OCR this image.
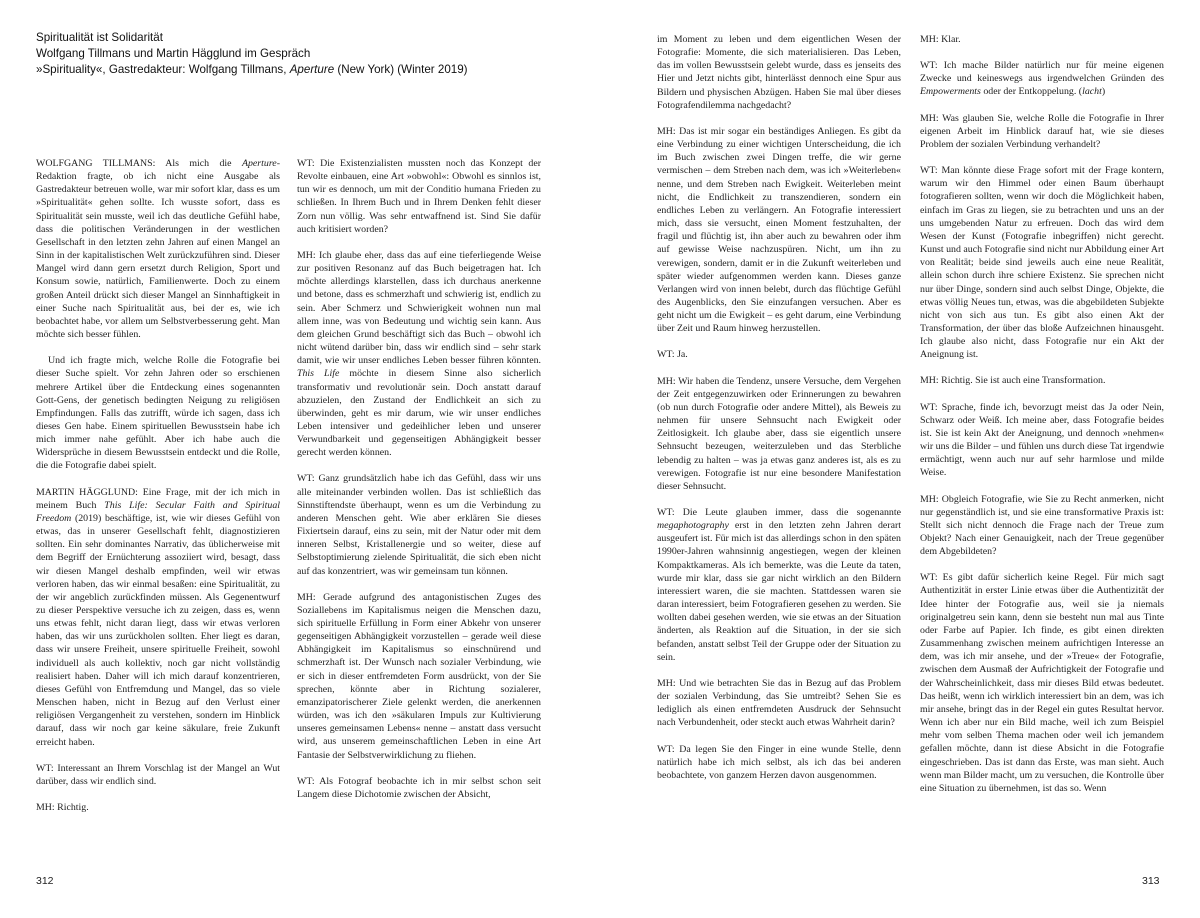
Spiritualität ist Solidarität
Wolfgang Tillmans und Martin Hägglund im Gespräch
»Spirituality«, Gastredakteur: Wolfgang Tillmans, Aperture (New York) (Winter 2019)

WOLFGANG TILLMANS: Als mich die Aperture-Redaktion fragte, ob ich nicht eine Ausgabe als Gastredakteur betreuen wolle, war mir sofort klar, dass es um »Spiritualität« gehen sollte. Ich wusste sofort, dass es Spiritualität sein musste, weil ich das deutliche Gefühl habe, dass die politischen Veränderungen in der westlichen Gesellschaft in den letzten zehn Jahren auf einen Mangel an Sinn in der kapitalistischen Welt zurückzuführen sind. Dieser Mangel wird dann gern ersetzt durch Religion, Sport und Konsum sowie, natürlich, Familienwerte. Doch zu einem großen Anteil drückt sich dieser Mangel an Sinnhaftigkeit in einer Suche nach Spiritualität aus, bei der es, wie ich beobachtet habe, vor allem um Selbstverbesserung geht. Man möchte sich besser fühlen.

Und ich fragte mich, welche Rolle die Fotografie bei dieser Suche spielt. Vor zehn Jahren oder so erschienen mehrere Artikel über die Entdeckung eines sogenannten Gott-Gens, der genetisch bedingten Neigung zu religiösen Empfindungen. Falls das zutrifft, würde ich sagen, dass ich dieses Gen habe. Einem spirituellen Bewusstsein habe ich mich immer nahe gefühlt. Aber ich habe auch die Widersprüche in diesem Bewusstsein entdeckt und die Rolle, die die Fotografie dabei spielt.

MARTIN HÄGGLUND: Eine Frage, mit der ich mich in meinem Buch This Life: Secular Faith and Spiritual Freedom (2019) beschäftige, ist, wie wir dieses Gefühl von etwas, das in unserer Gesellschaft fehlt, diagnostizieren sollten. Ein sehr dominantes Narrativ, das üblicherweise mit dem Begriff der Ernüchterung assoziiert wird, besagt, dass wir diesen Mangel deshalb empfinden, weil wir etwas verloren haben, das wir einmal besaßen: eine Spiritualität, zu der wir angeblich zurückfinden müssen. Als Gegenentwurf zu dieser Perspektive versuche ich zu zeigen, dass es, wenn uns etwas fehlt, nicht daran liegt, dass wir etwas verloren haben, das wir uns zurückholen sollten. Eher liegt es daran, dass wir unsere Freiheit, unsere spirituelle Freiheit, sowohl individuell als auch kollektiv, noch gar nicht vollständig realisiert haben. Daher will ich mich darauf konzentrieren, dieses Gefühl von Entfremdung und Mangel, das so viele Menschen haben, nicht in Bezug auf den Verlust einer religiösen Vergangenheit zu verstehen, sondern im Hinblick darauf, dass wir noch gar keine säkulare, freie Zukunft erreicht haben.

WT: Interessant an Ihrem Vorschlag ist der Mangel an Wut darüber, dass wir endlich sind.

MH: Richtig.

WT: Die Existenzialisten mussten noch das Konzept der Revolte einbauen, eine Art »obwohl«: Obwohl es sinnlos ist, tun wir es dennoch, um mit der Conditio humana Frieden zu schließen. In Ihrem Buch und in Ihrem Denken fehlt dieser Zorn nun völlig. Was sehr entwaffnend ist. Sind Sie dafür auch kritisiert worden?

MH: Ich glaube eher, dass das auf eine tieferliegende Weise zur positiven Resonanz auf das Buch beigetragen hat. Ich möchte allerdings klarstellen, dass ich durchaus anerkenne und betone, dass es schmerzhaft und schwierig ist, endlich zu sein. Aber Schmerz und Schwierigkeit wohnen nun mal allem inne, was von Bedeutung und wichtig sein kann. Aus dem gleichen Grund beschäftigt sich das Buch – obwohl ich nicht wütend darüber bin, dass wir endlich sind – sehr stark damit, wie wir unser endliches Leben besser führen könnten. This Life möchte in diesem Sinne also sicherlich transformativ und revolutionär sein. Doch anstatt darauf abzuzielen, den Zustand der Endlichkeit an sich zu überwinden, geht es mir darum, wie wir unser endliches Leben intensiver und gedeihlicher leben und unserer Verwundbarkeit und gegenseitigen Abhängigkeit besser gerecht werden können.

WT: Ganz grundsätzlich habe ich das Gefühl, dass wir uns alle miteinander verbinden wollen. Das ist schließlich das Sinnstiftendste überhaupt, wenn es um die Verbindung zu anderen Menschen geht. Wie aber erklären Sie dieses Fixiertsein darauf, eins zu sein, mit der Natur oder mit dem inneren Selbst, Kristallenergie und so weiter, diese auf Selbstoptimierung zielende Spiritualität, die sich eben nicht auf das konzentriert, was wir gemeinsam tun können.

MH: Gerade aufgrund des antagonistischen Zuges des Soziallebens im Kapitalismus neigen die Menschen dazu, sich spirituelle Erfüllung in Form einer Abkehr von unserer gegenseitigen Abhängigkeit vorzustellen – gerade weil diese Abhängigkeit im Kapitalismus so einschnürend und schmerzhaft ist. Der Wunsch nach sozialer Verbindung, wie er sich in dieser entfremdeten Form ausdrückt, von der Sie sprechen, könnte aber in Richtung sozialerer, emanzipatorischerer Ziele gelenkt werden, die anerkennen würden, was ich den »säkularen Impuls zur Kultivierung unseres gemeinsamen Lebens« nenne – anstatt dass versucht wird, aus unserem gemeinschaftlichen Leben in eine Art Fantasie der Selbstverwirklichung zu fliehen.

WT: Als Fotograf beobachte ich in mir selbst schon seit Langem diese Dichotomie zwischen der Absicht,

im Moment zu leben und dem eigentlichen Wesen der Fotografie: Momente, die sich materialisieren. Das Leben, das im vollen Bewusstsein gelebt wurde, dass es jenseits des Hier und Jetzt nichts gibt, hinterlässt dennoch eine Spur aus Bildern und physischen Abzügen. Haben Sie mal über dieses Fotografendilemma nachgedacht?

MH: Das ist mir sogar ein beständiges Anliegen. Es gibt da eine Verbindung zu einer wichtigen Unterscheidung, die ich im Buch zwischen zwei Dingen treffe, die wir gerne vermischen – dem Streben nach dem, was ich »Weiterleben« nenne, und dem Streben nach Ewigkeit. Weiterleben meint nicht, die Endlichkeit zu transzendieren, sondern ein endliches Leben zu verlängern. An Fotografie interessiert mich, dass sie versucht, einen Moment festzuhalten, der fragil und flüchtig ist, ihn aber auch zu bewahren oder ihm auf gewisse Weise nachzuspüren. Nicht, um ihn zu verewigen, sondern, damit er in die Zukunft weiterleben und später wieder aufgenommen werden kann. Dieses ganze Verlangen wird von innen belebt, durch das flüchtige Gefühl des Augenblicks, den Sie einzufangen versuchen. Aber es geht nicht um die Ewigkeit – es geht darum, eine Verbindung über Zeit und Raum hinweg herzustellen.

WT: Ja.

MH: Wir haben die Tendenz, unsere Versuche, dem Vergehen der Zeit entgegenzuwirken oder Erinnerungen zu bewahren (ob nun durch Fotografie oder andere Mittel), als Beweis zu nehmen für unsere Sehnsucht nach Ewigkeit oder Zeitlosigkeit. Ich glaube aber, dass sie eigentlich unsere Sehnsucht bezeugen, weiterzuleben und das Sterbliche lebendig zu halten – was ja etwas ganz anderes ist, als es zu verewigen. Fotografie ist nur eine besondere Manifestation dieser Sehnsucht.

WT: Die Leute glauben immer, dass die sogenannte megaphotography erst in den letzten zehn Jahren derart ausgeufert ist. Für mich ist das allerdings schon in den späten 1990er-Jahren wahnsinnig angestiegen, wegen der kleinen Kompaktkameras. Als ich bemerkte, was die Leute da taten, wurde mir klar, dass sie gar nicht wirklich an den Bildern interessiert waren, die sie machten. Stattdessen waren sie daran interessiert, beim Fotografieren gesehen zu werden. Sie wollten dabei gesehen werden, wie sie etwas an der Situation änderten, als Reaktion auf die Situation, in der sie sich befanden, anstatt selbst Teil der Gruppe oder der Situation zu sein.

MH: Und wie betrachten Sie das in Bezug auf das Problem der sozialen Verbindung, das Sie umtreibt? Sehen Sie es lediglich als einen entfremdeten Ausdruck der Sehnsucht nach Verbundenheit, oder steckt auch etwas Wahrheit darin?

WT: Da legen Sie den Finger in eine wunde Stelle, denn natürlich habe ich mich selbst, als ich das bei anderen beobachtete, von ganzem Herzen davon ausgenommen.

MH: Klar.

WT: Ich mache Bilder natürlich nur für meine eigenen Zwecke und keineswegs aus irgendwelchen Gründen des Empowerments oder der Entkoppelung. (lacht)

MH: Was glauben Sie, welche Rolle die Fotografie in Ihrer eigenen Arbeit im Hinblick darauf hat, wie sie dieses Problem der sozialen Verbindung verhandelt?

WT: Man könnte diese Frage sofort mit der Frage kontern, warum wir den Himmel oder einen Baum überhaupt fotografieren sollten, wenn wir doch die Möglichkeit haben, einfach im Gras zu liegen, sie zu betrachten und uns an der uns umgebenden Natur zu erfreuen. Doch das wird dem Wesen der Kunst (Fotografie inbegriffen) nicht gerecht. Kunst und auch Fotografie sind nicht nur Abbildung einer Art von Realität; beide sind jeweils auch eine neue Realität, allein schon durch ihre schiere Existenz. Sie sprechen nicht nur über Dinge, sondern sind auch selbst Dinge, Objekte, die etwas völlig Neues tun, etwas, was die abgebildeten Subjekte nicht von sich aus tun. Es gibt also einen Akt der Transformation, der über das bloße Aufzeichnen hinausgeht. Ich glaube also nicht, dass Fotografie nur ein Akt der Aneignung ist.

MH: Richtig. Sie ist auch eine Transformation.

WT: Sprache, finde ich, bevorzugt meist das Ja oder Nein, Schwarz oder Weiß. Ich meine aber, dass Fotografie beides ist. Sie ist kein Akt der Aneignung, und dennoch »nehmen« wir uns die Bilder – und fühlen uns durch diese Tat irgendwie ermächtigt, wenn auch nur auf sehr harmlose und milde Weise.

MH: Obgleich Fotografie, wie Sie zu Recht anmerken, nicht nur gegenständlich ist, und sie eine transformative Praxis ist: Stellt sich nicht dennoch die Frage nach der Treue zum Objekt? Nach einer Genauigkeit, nach der Treue gegenüber dem Abgebildeten?

WT: Es gibt dafür sicherlich keine Regel. Für mich sagt Authentizität in erster Linie etwas über die Authentizität der Idee hinter der Fotografie aus, weil sie ja niemals originalgetreu sein kann, denn sie besteht nun mal aus Tinte oder Farbe auf Papier. Ich finde, es gibt einen direkten Zusammenhang zwischen meinem aufrichtigen Interesse an dem, was ich mir ansehe, und der »Treue« der Fotografie, zwischen dem Ausmaß der Aufrichtigkeit der Fotografie und der Wahrscheinlichkeit, dass mir dieses Bild etwas bedeutet. Das heißt, wenn ich wirklich interessiert bin an dem, was ich mir ansehe, bringt das in der Regel ein gutes Resultat hervor. Wenn ich aber nur ein Bild mache, weil ich zum Beispiel mehr vom selben Thema machen oder weil ich jemandem gefallen möchte, dann ist diese Absicht in die Fotografie eingeschrieben. Das ist dann das Erste, was man sieht. Auch wenn man Bilder macht, um zu versuchen, die Kontrolle über eine Situation zu übernehmen, ist das so. Wenn

312	313
